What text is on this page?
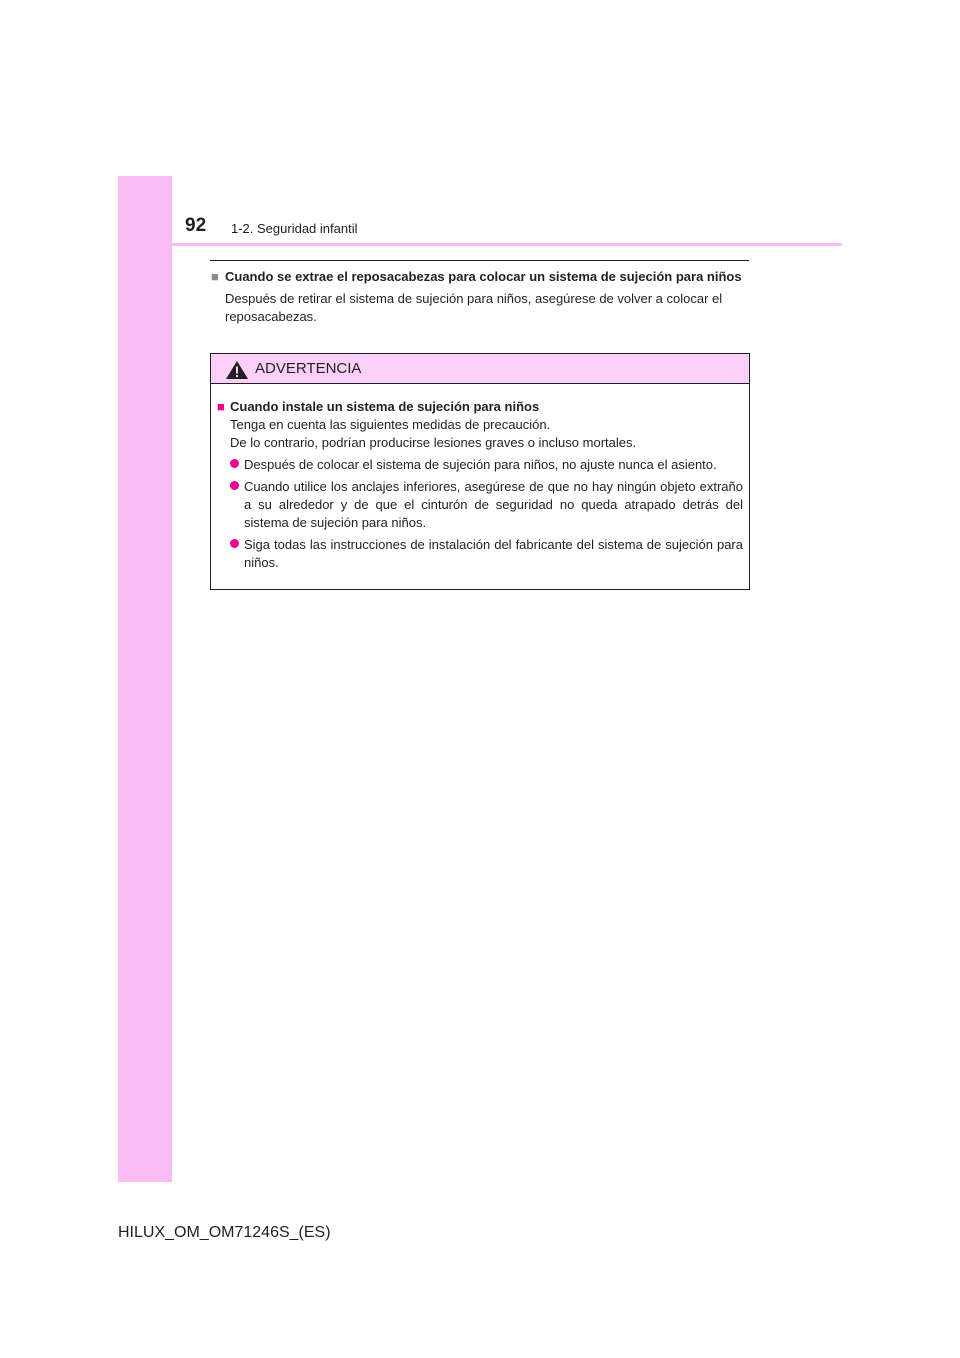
92 1-2. Seguridad infantil
■ Cuando se extrae el reposacabezas para colocar un sistema de sujeción para niños
Después de retirar el sistema de sujeción para niños, asegúrese de volver a colocar el reposacabezas.
ADVERTENCIA
■ Cuando instale un sistema de sujeción para niños
Tenga en cuenta las siguientes medidas de precaución.
De lo contrario, podrían producirse lesiones graves o incluso mortales.
Después de colocar el sistema de sujeción para niños, no ajuste nunca el asiento.
Cuando utilice los anclajes inferiores, asegúrese de que no hay ningún objeto extraño a su alrededor y de que el cinturón de seguridad no queda atrapado detrás del sistema de sujeción para niños.
Siga todas las instrucciones de instalación del fabricante del sistema de sujeción para niños.
HILUX_OM_OM71246S_(ES)
